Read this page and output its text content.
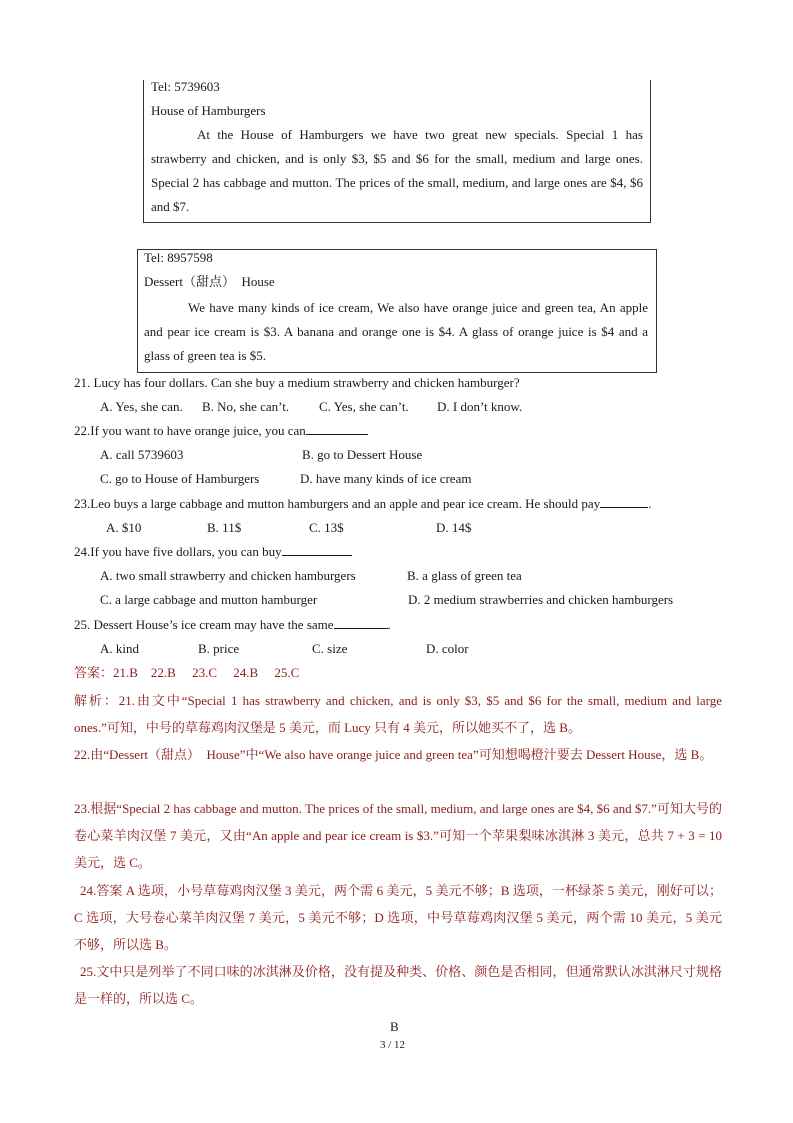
Tel: 5739603
House of Hamburgers
At the House of Hamburgers we have two great new specials. Special 1 has strawberry and chicken, and is only $3, $5 and $6 for the small, medium and large ones. Special 2 has cabbage and mutton. The prices of the small, medium, and large ones are $4, $6 and $7.
Tel: 8957598
Dessert（甜点）  House
We have many kinds of ice cream, We also have orange juice and green tea, An apple and pear ice cream is $3. A banana and orange one is $4. A glass of orange juice is $4 and a glass of green tea is $5.
21. Lucy has four dollars. Can she buy a medium strawberry and chicken hamburger?
A. Yes, she can. B. No, she can’t. C. Yes, she can’t. D. I don’t know.
22.If you want to have orange juice, you can
A. call 5739603	B. go to Dessert House
C. go to House of Hamburgers	D. have many kinds of ice cream
23.Leo buys a large cabbage and mutton hamburgers and an apple and pear ice cream. He should pay	.
A. $10	B. 11$	C. 13$	D. 14$
24.If you have five dollars, you can buy
A. two small strawberry and chicken hamburgers	B. a glass of green tea
C. a large cabbage and mutton hamburger	D. 2 medium strawberries and chicken hamburgers
25. Dessert House’s ice cream may have the same	.
A. kind	B. price	C. size	D. color
答案：21.B    22.B     23.C     24.B     25.C
解析：21.由文中“Special 1 has strawberry and chicken, and is only $3, $5 and $6 for the small, medium and large ones.”可知，中号的草莓鸡肉汉堡是 5 美元，而 Lucy 只有 4 美元，所以她买不了，选 B。
22.由“Dessert（甜点）  House”中“We also have orange juice and green tea”可知想喝橙汁要去 Dessert House，选 B。
23.根据“Special 2 has cabbage and mutton. The prices of the small, medium, and large ones are $4, $6 and $7.”可知大号的卷心菜羊肉汉堡 7 美元，又由“An apple and pear ice cream is $3.”可知一个苹果梨味冰淇淋 3 美元，总共 7 + 3 = 10 美元，选 C。
24.答案 A 选项，小号草莓鸡肉汉堡 3 美元，两个需 6 美元，5 美元不够；B 选项，一杯绿茶 5 美元，刚好可以；C 选项，大号卷心菜羊肉汉堡 7 美元，5 美元不够；D 选项，中号草莓鸡肉汉堡 5 美元，两个需 10 美元，5 美元不够，所以选 B。
25.文中只是列举了不同口味的冰淇淋及价格，没有提及种类、价格、颜色是否相同，但通常默认冰淇淋尺寸规格是一样的，所以选 C。
B
3 / 12
